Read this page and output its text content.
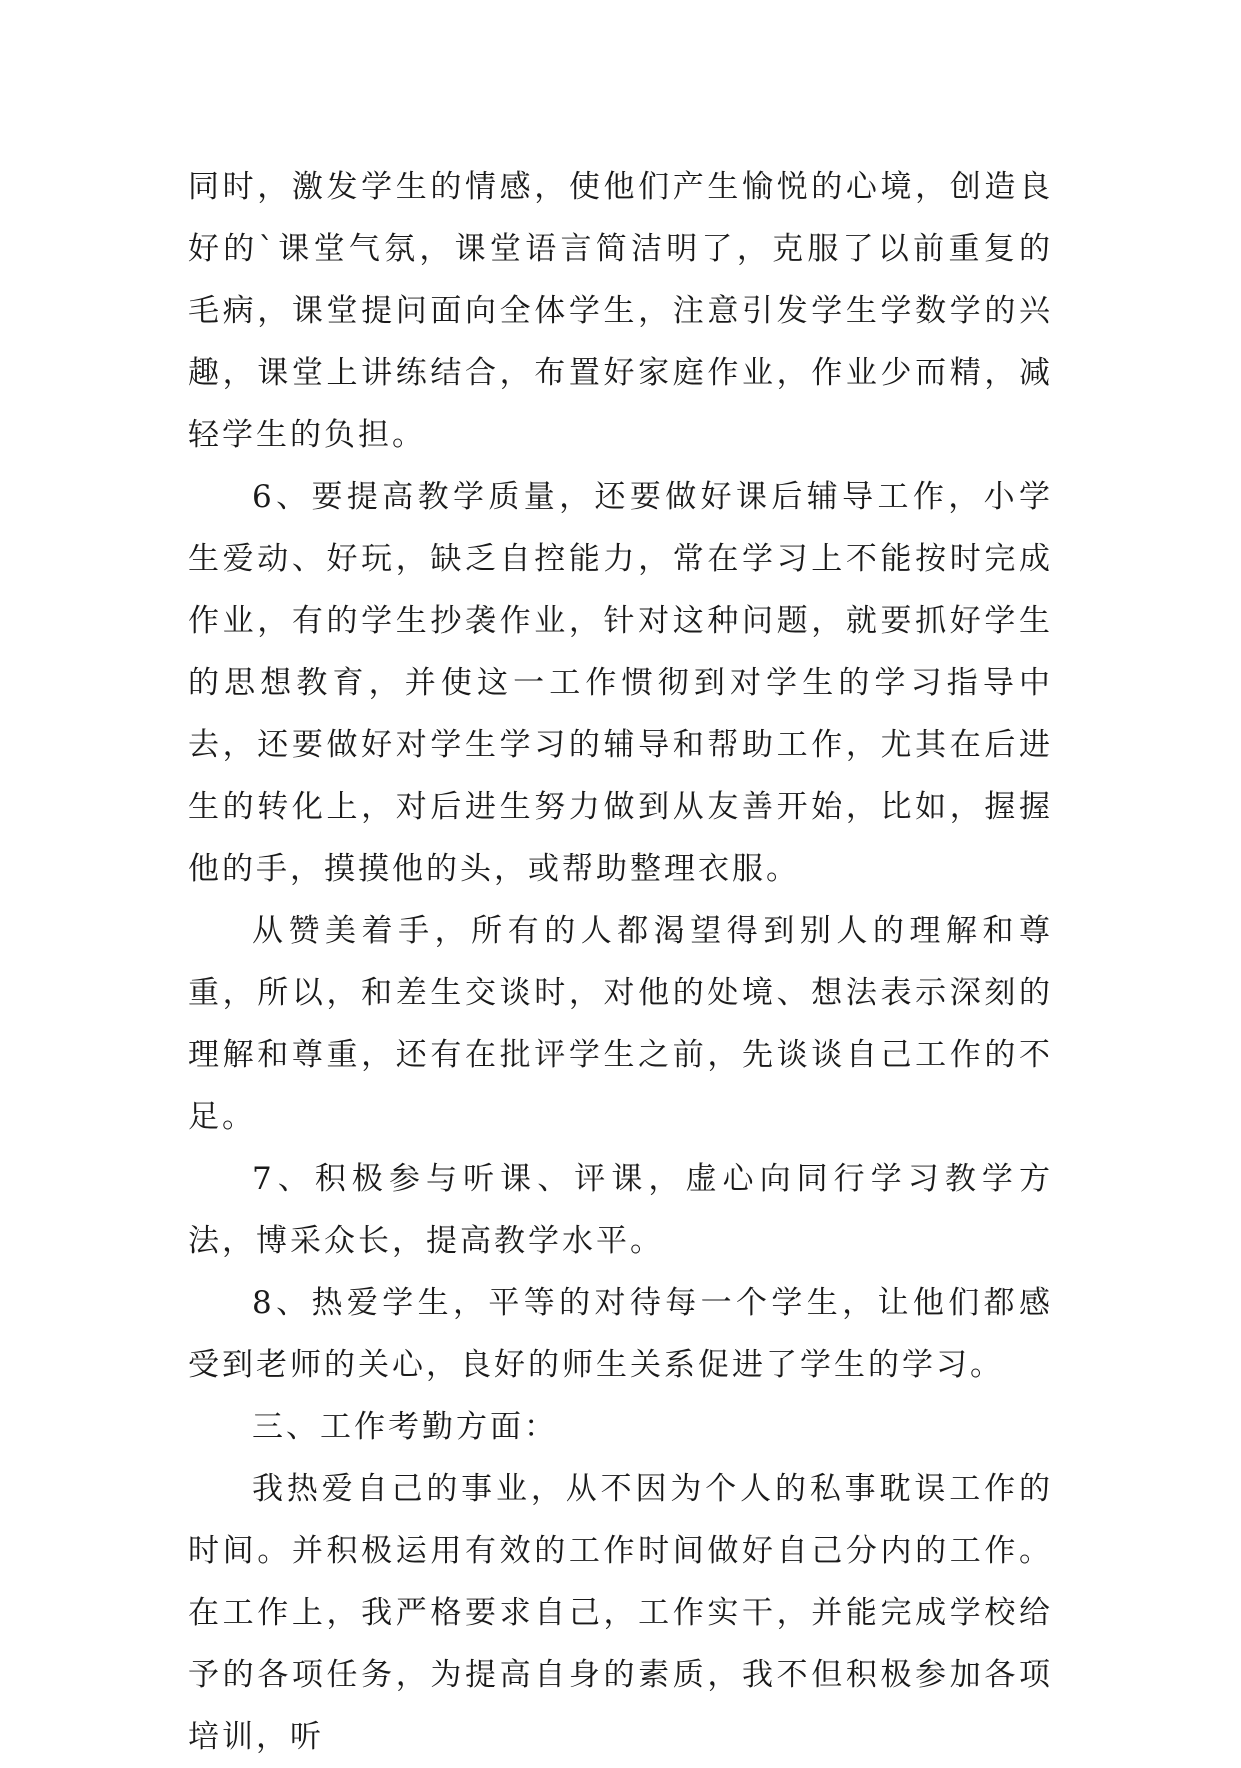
同时，激发学生的情感，使他们产生愉悦的心境，创造良好的`课堂气氛，课堂语言简洁明了，克服了以前重复的毛病，课堂提问面向全体学生，注意引发学生学数学的兴趣，课堂上讲练结合，布置好家庭作业，作业少而精，减轻学生的负担。

6、要提高教学质量，还要做好课后辅导工作，小学生爱动、好玩，缺乏自控能力，常在学习上不能按时完成作业，有的学生抄袭作业，针对这种问题，就要抓好学生的思想教育，并使这一工作惯彻到对学生的学习指导中去，还要做好对学生学习的辅导和帮助工作，尤其在后进生的转化上，对后进生努力做到从友善开始，比如，握握他的手，摸摸他的头，或帮助整理衣服。

从赞美着手，所有的人都渴望得到别人的理解和尊重，所以，和差生交谈时，对他的处境、想法表示深刻的理解和尊重，还有在批评学生之前，先谈谈自己工作的不足。

7、积极参与听课、评课，虚心向同行学习教学方法，博采众长，提高教学水平。

8、热爱学生，平等的对待每一个学生，让他们都感受到老师的关心，良好的师生关系促进了学生的学习。

三、工作考勤方面：

我热爱自己的事业，从不因为个人的私事耽误工作的时间。并积极运用有效的工作时间做好自己分内的工作。在工作上，我严格要求自己，工作实干，并能完成学校给予的各项任务，为提高自身的素质，我不但积极参加各项培训，听
